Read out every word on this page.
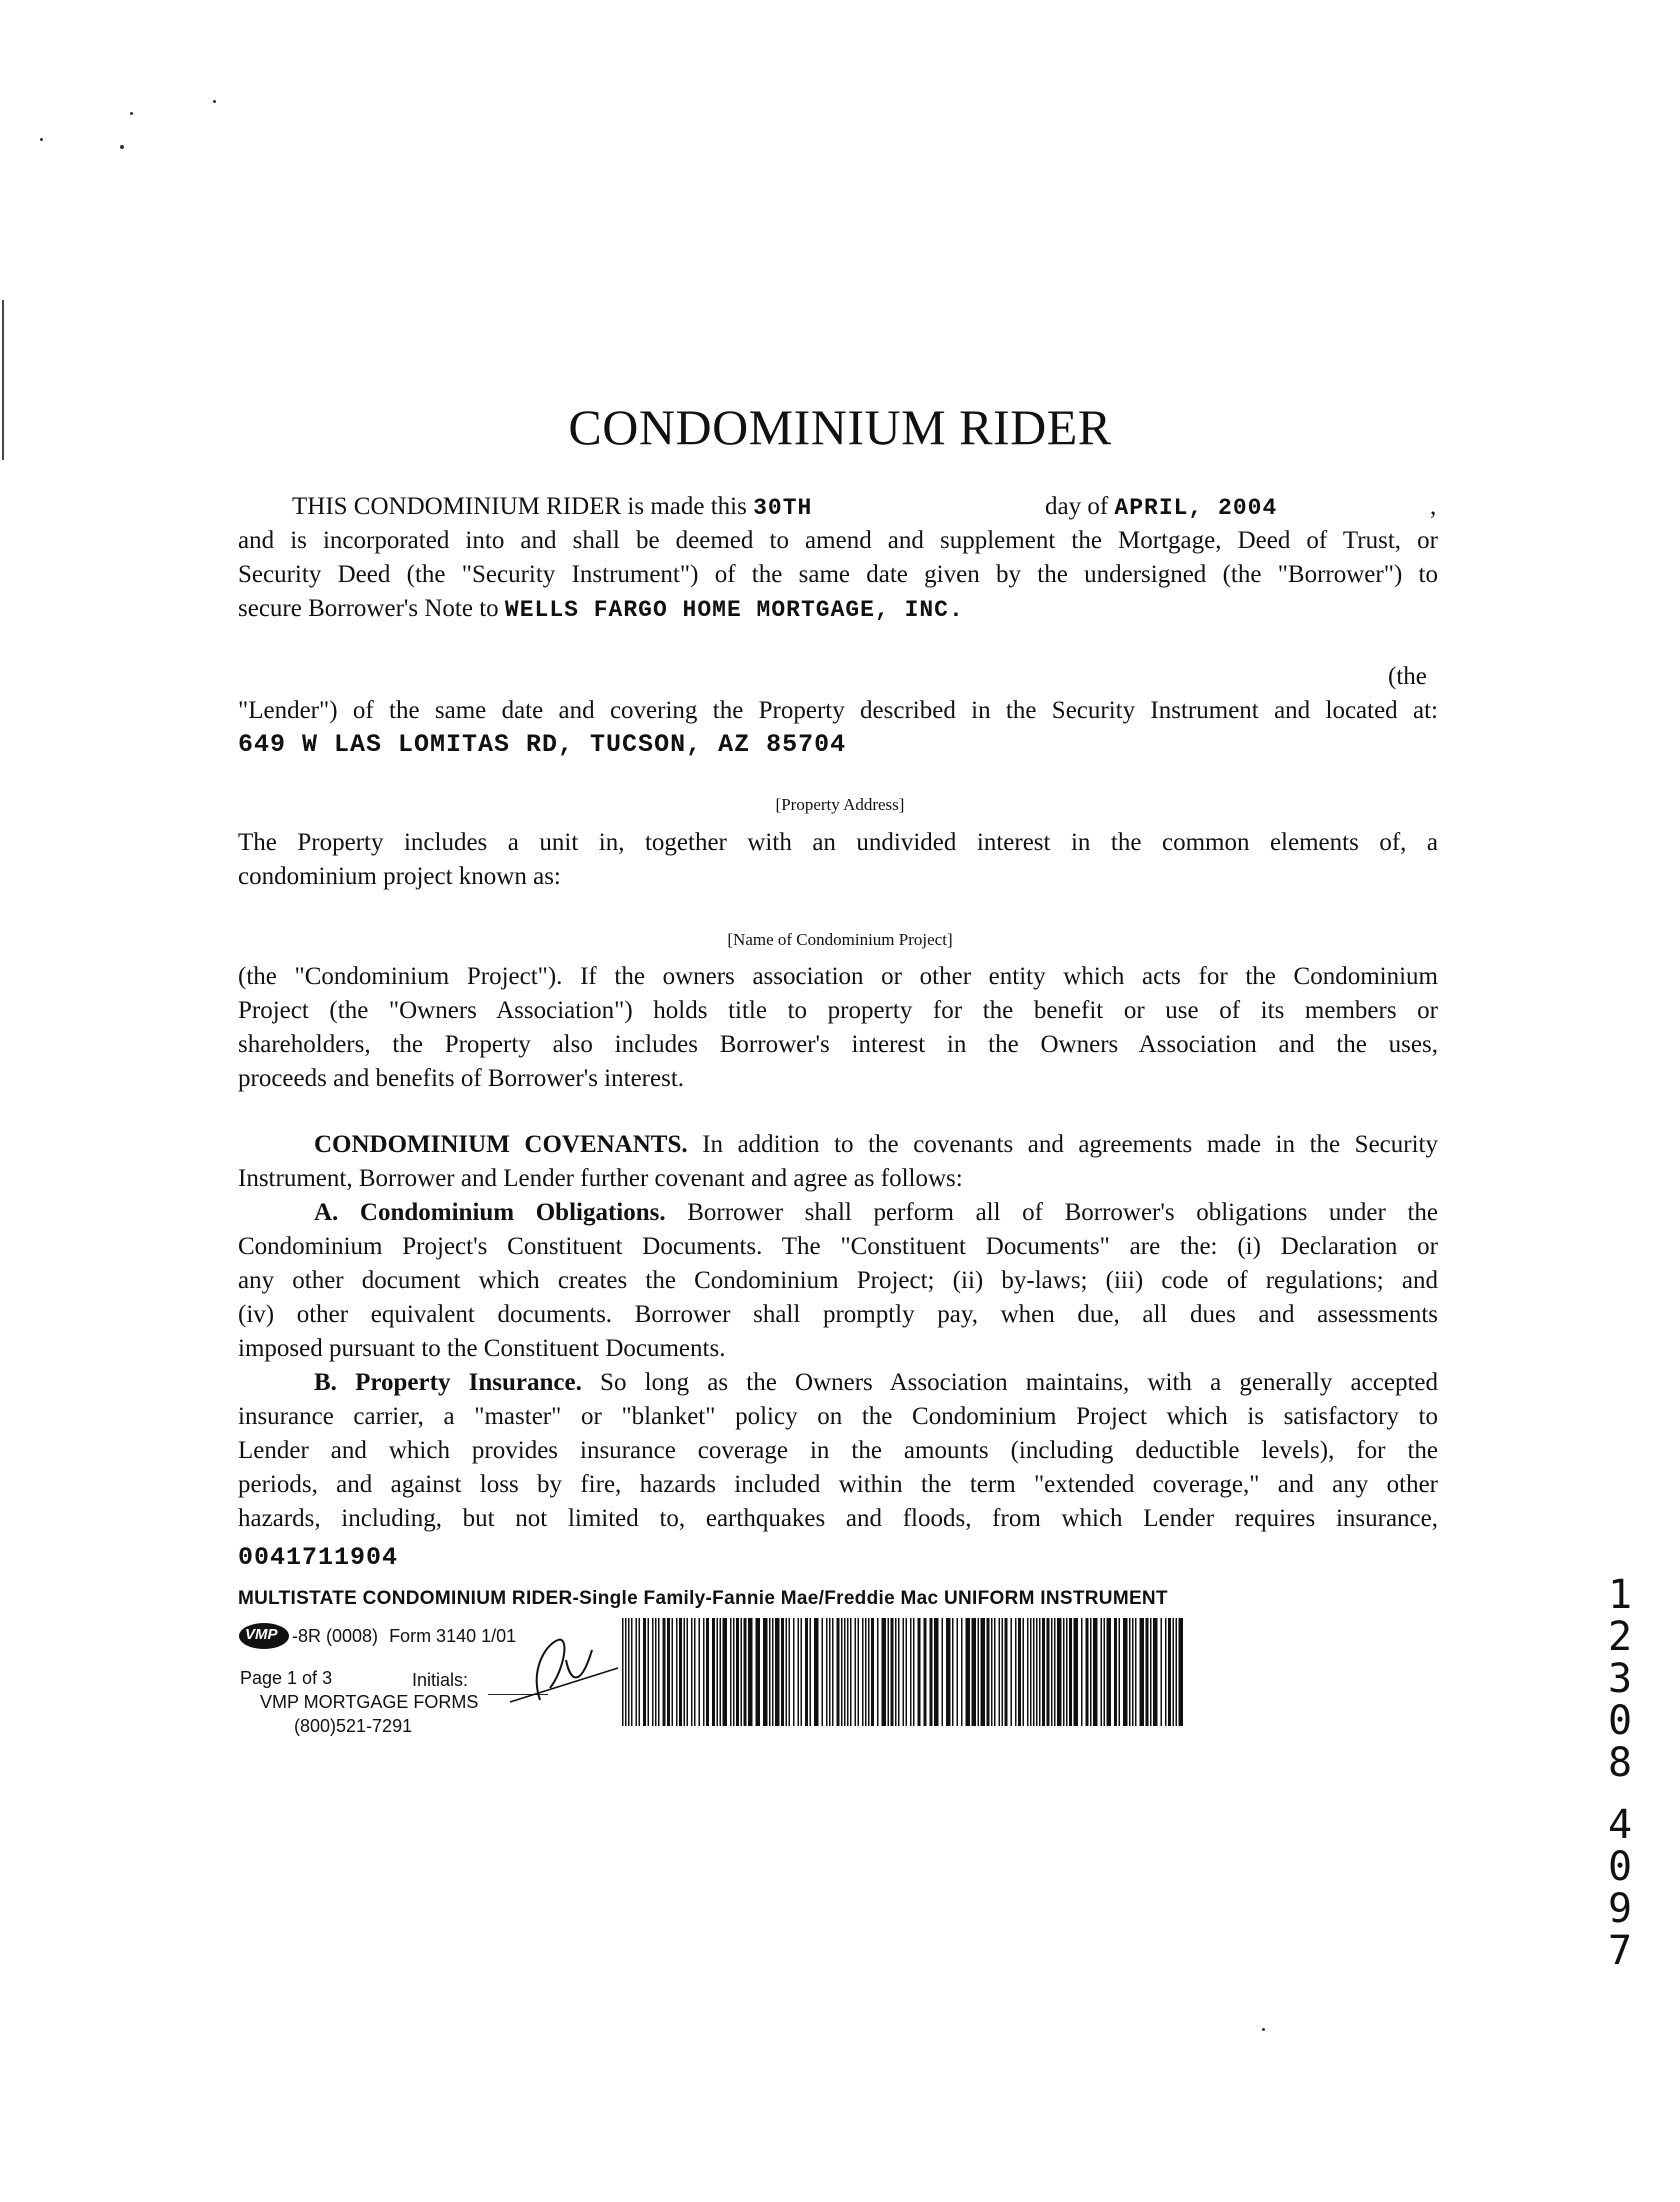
CONDOMINIUM RIDER
THIS CONDOMINIUM RIDER is made this 30TH	day of APRIL, 2004	,
and is incorporated into and shall be deemed to amend and supplement the Mortgage, Deed of Trust, or
Security Deed (the "Security Instrument") of the same date given by the undersigned (the "Borrower") to
secure Borrower's Note to WELLS FARGO HOME MORTGAGE, INC.
(the
"Lender") of the same date and covering the Property described in the Security Instrument and located at:
649 W LAS LOMITAS RD, TUCSON, AZ 85704
[Property Address]
The Property includes a unit in, together with an undivided interest in the common elements of, a
condominium project known as:
[Name of Condominium Project]
(the "Condominium Project"). If the owners association or other entity which acts for the Condominium
Project (the "Owners Association") holds title to property for the benefit or use of its members or
shareholders, the Property also includes Borrower's interest in the Owners Association and the uses,
proceeds and benefits of Borrower's interest.
CONDOMINIUM COVENANTS. In addition to the covenants and agreements made in the Security
Instrument, Borrower and Lender further covenant and agree as follows:
A. Condominium Obligations. Borrower shall perform all of Borrower's obligations under the
Condominium Project's Constituent Documents. The "Constituent Documents" are the: (i) Declaration or
any other document which creates the Condominium Project; (ii) by-laws; (iii) code of regulations; and
(iv) other equivalent documents. Borrower shall promptly pay, when due, all dues and assessments
imposed pursuant to the Constituent Documents.
B. Property Insurance. So long as the Owners Association maintains, with a generally accepted
insurance carrier, a "master" or "blanket" policy on the Condominium Project which is satisfactory to
Lender and which provides insurance coverage in the amounts (including deductible levels), for the
periods, and against loss by fire, hazards included within the term "extended coverage," and any other
hazards, including, but not limited to, earthquakes and floods, from which Lender requires insurance,
0041711904
MULTISTATE CONDOMINIUM RIDER-Single Family-Fannie Mae/Freddie Mac UNIFORM INSTRUMENT
VMP -8R (0008) Form 3140 1/01
Page 1 of 3	Initials:
VMP MORTGAGE FORMS
(800)521-7291
1
2
3
0
8
4
0
9
7
